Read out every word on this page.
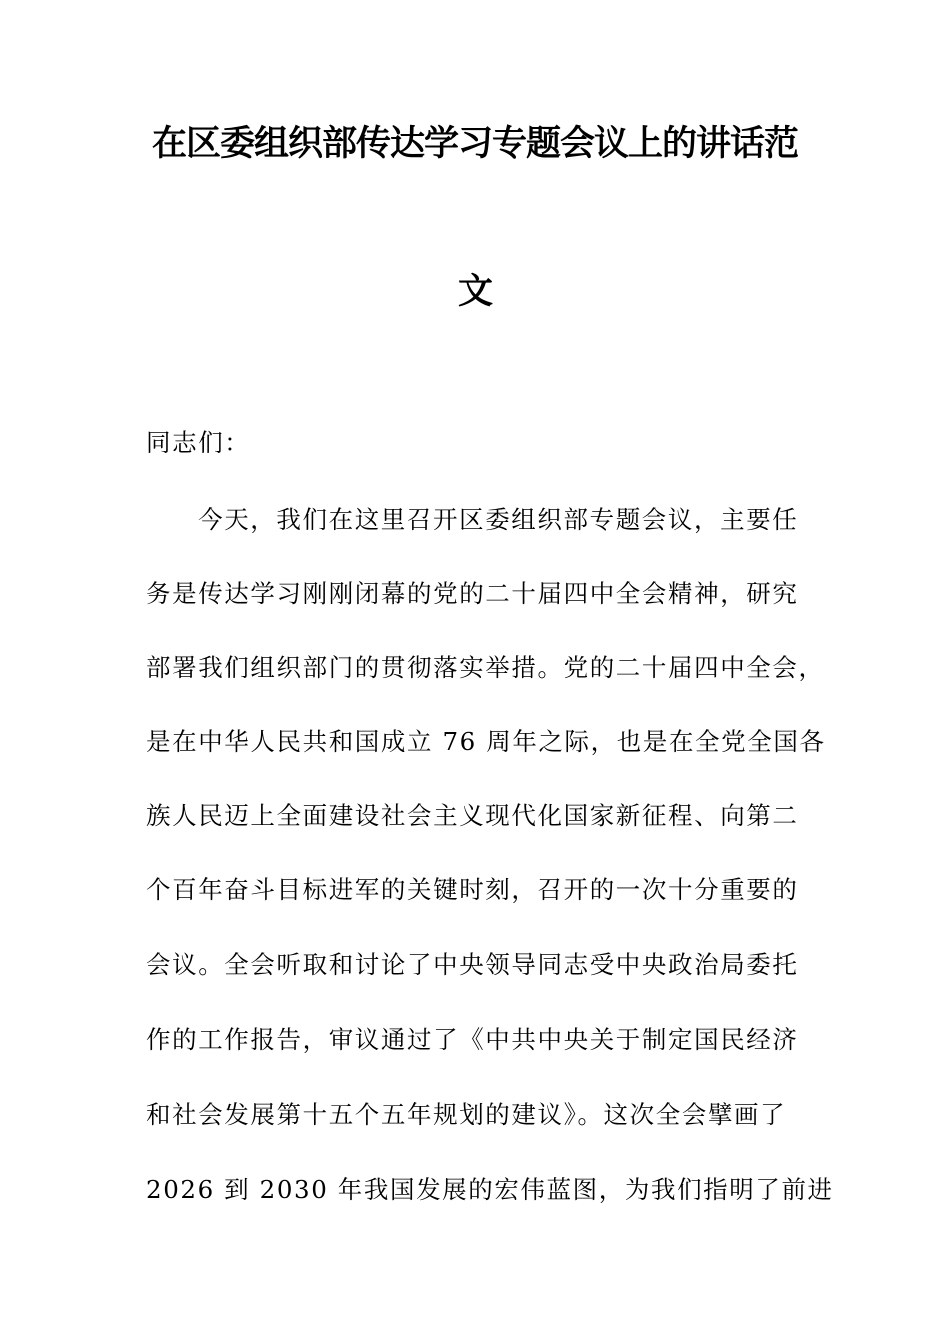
在区委组织部传达学习专题会议上的讲话范
文
同志们：
　今天，我们在这里召开区委组织部专题会议，主要任
务是传达学习刚刚闭幕的党的二十届四中全会精神，研究
部署我们组织部门的贯彻落实举措。党的二十届四中全会，
是在中华人民共和国成立 76 周年之际，也是在全党全国各
族人民迈上全面建设社会主义现代化国家新征程、向第二
个百年奋斗目标进军的关键时刻，召开的一次十分重要的
会议。全会听取和讨论了中央领导同志受中央政治局委托
作的工作报告，审议通过了《中共中央关于制定国民经济
和社会发展第十五个五年规划的建议》。这次全会擘画了
2026 到 2030 年我国发展的宏伟蓝图，为我们指明了前进
